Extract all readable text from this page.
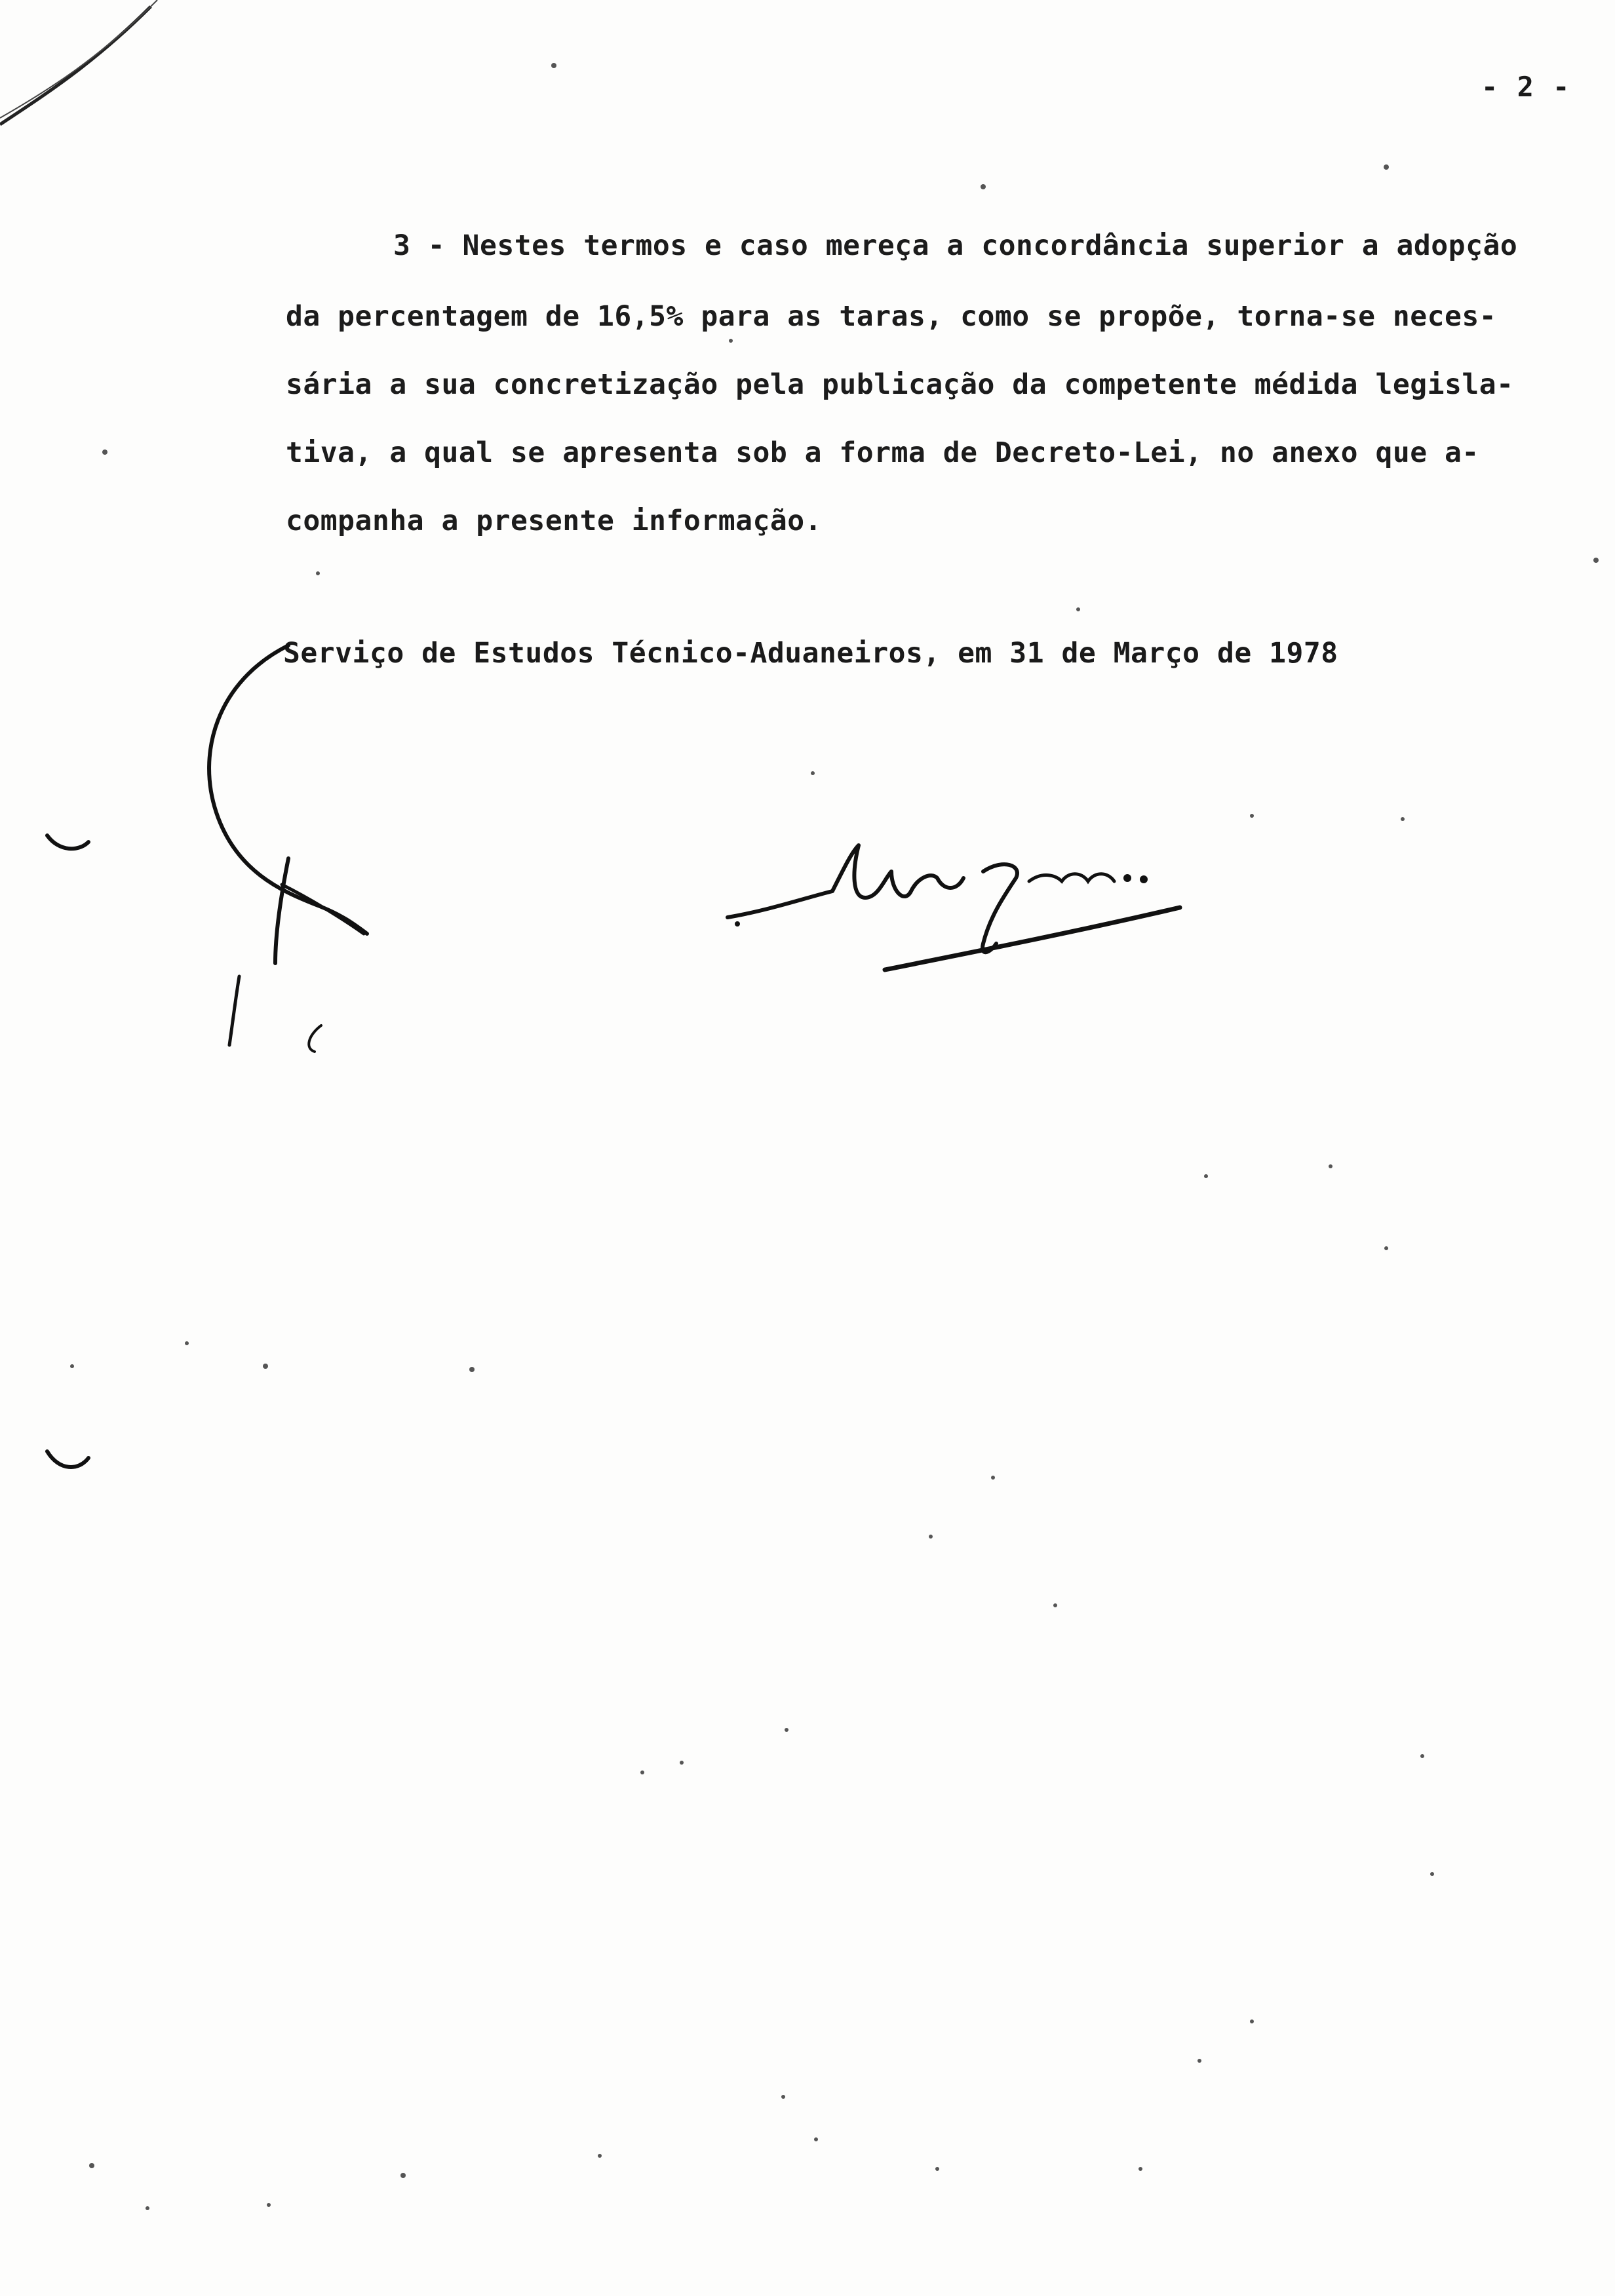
- 2 -
3 - Nestes termos e caso mereça a concordância superior a adopção
da percentagem de 16,5% para as taras, como se propõe, torna-se neces-
sária a sua concretização pela publicação da competente médida legisla-
tiva, a qual se apresenta sob a forma de Decreto-Lei, no anexo que a-
companha a presente informação.
Serviço de Estudos Técnico-Aduaneiros, em 31 de Março de 1978
